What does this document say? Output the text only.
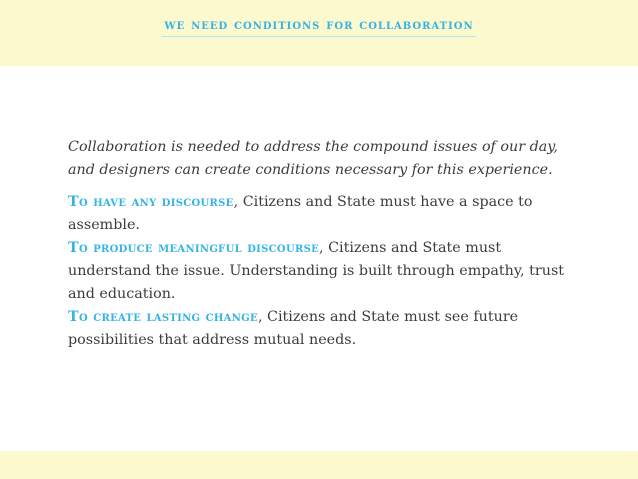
we need conditions for collaboration

Collaboration is needed to address the compound issues of our day, and designers can create conditions necessary for this experience.

To have any discourse, Citizens and State must have a space to assemble.

To produce meaningful discourse, Citizens and State must understand the issue. Understanding is built through empathy, trust and education.

To create lasting change, Citizens and State must see future possibilities that address mutual needs.
